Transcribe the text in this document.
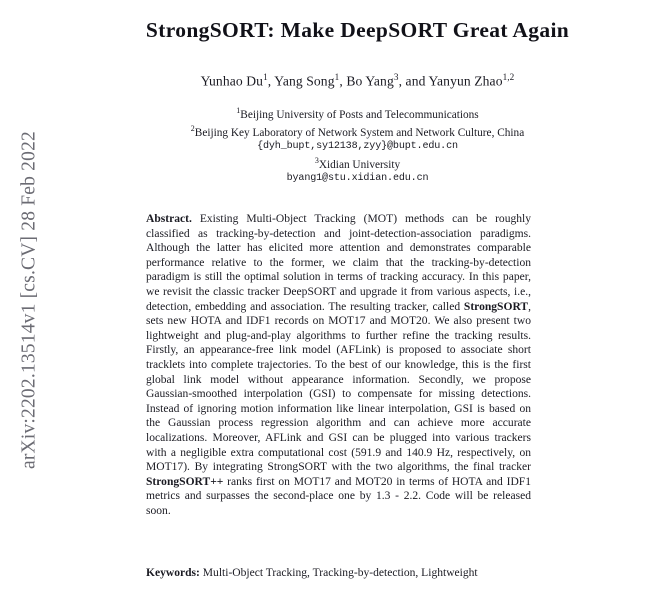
arXiv:2202.13514v1 [cs.CV] 28 Feb 2022
StrongSORT: Make DeepSORT Great Again
Yunhao Du$^1$, Yang Song$^1$, Bo Yang$^3$, and Yanyun Zhao$^{1,2}$
$^1$Beijing University of Posts and Telecommunications
$^2$Beijing Key Laboratory of Network System and Network Culture, China
{dyh_bupt,sy12138,zyy}@bupt.edu.cn
$^3$Xidian University
byang1@stu.xidian.edu.cn
Abstract. Existing Multi-Object Tracking (MOT) methods can be roughly classified as tracking-by-detection and joint-detection-association paradigms. Although the latter has elicited more attention and demonstrates comparable performance relative to the former, we claim that the tracking-by-detection paradigm is still the optimal solution in terms of tracking accuracy. In this paper, we revisit the classic tracker DeepSORT and upgrade it from various aspects, i.e., detection, embedding and association. The resulting tracker, called StrongSORT, sets new HOTA and IDF1 records on MOT17 and MOT20. We also present two lightweight and plug-and-play algorithms to further refine the tracking results. Firstly, an appearance-free link model (AFLink) is proposed to associate short tracklets into complete trajectories. To the best of our knowledge, this is the first global link model without appearance information. Secondly, we propose Gaussian-smoothed interpolation (GSI) to compensate for missing detections. Instead of ignoring motion information like linear interpolation, GSI is based on the Gaussian process regression algorithm and can achieve more accurate localizations. Moreover, AFLink and GSI can be plugged into various trackers with a negligible extra computational cost (591.9 and 140.9 Hz, respectively, on MOT17). By integrating StrongSORT with the two algorithms, the final tracker StrongSORT++ ranks first on MOT17 and MOT20 in terms of HOTA and IDF1 metrics and surpasses the second-place one by 1.3 - 2.2. Code will be released soon.
Keywords: Multi-Object Tracking, Tracking-by-detection, Lightweight
